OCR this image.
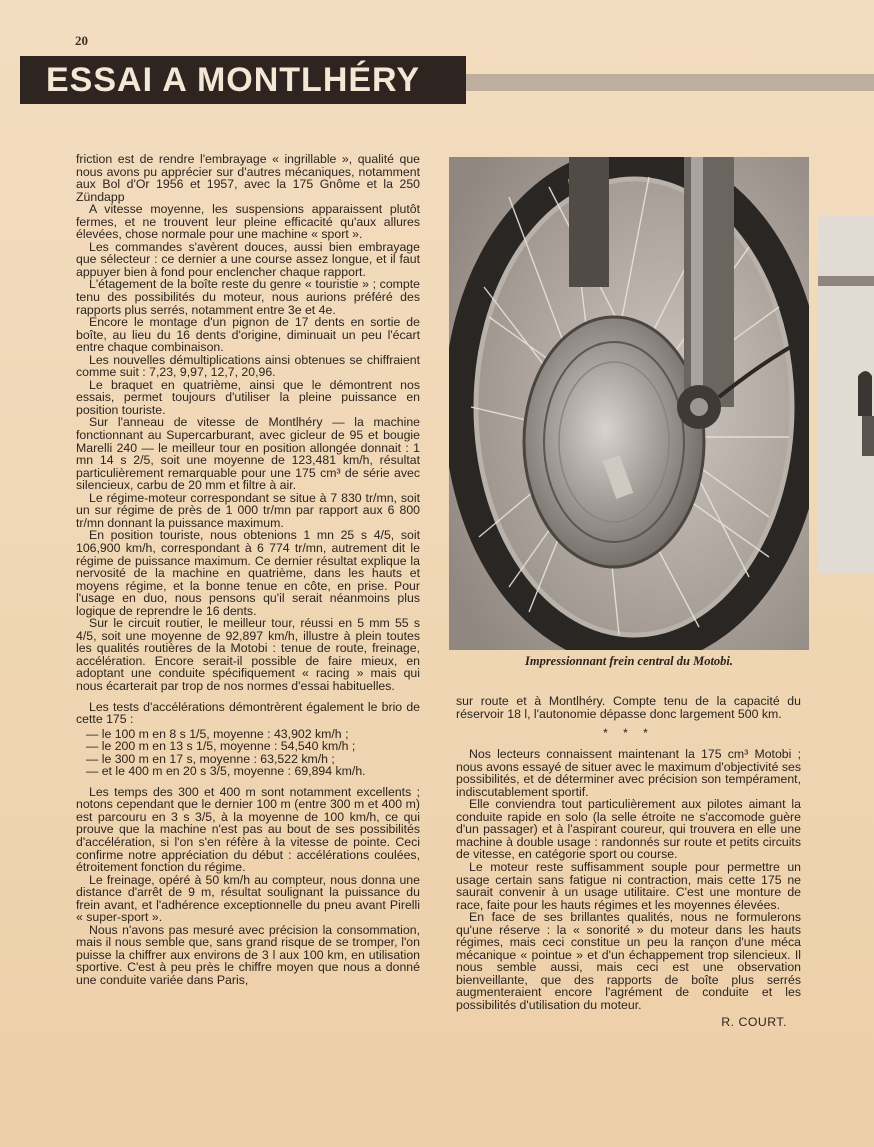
20
ESSAI A MONTLHÉRY

friction est de rendre l'embrayage « ingrillable », qualité que nous avons pu apprécier sur d'autres mécaniques, notamment aux Bol d'Or 1956 et 1957, avec la 175 Gnôme et la 250 Zündapp

A vitesse moyenne, les suspensions apparaissent plutôt fermes, et ne trouvent leur pleine efficacité qu'aux allures élevées, chose normale pour une machine « sport ».

Les commandes s'avèrent douces, aussi bien embrayage que sélecteur : ce dernier a une course assez longue, et il faut appuyer bien à fond pour enclencher chaque rapport.

L'étagement de la boîte reste du genre « touristie » ; compte tenu des possibilités du moteur, nous aurions préféré des rapports plus serrés, notamment entre 3e et 4e.

Encore le montage d'un pignon de 17 dents en sortie de boîte, au lieu du 16 dents d'origine, diminuait un peu l'écart entre chaque combinaison.

Les nouvelles démultiplications ainsi obtenues se chiffraient comme suit : 7,23, 9,97, 12,7, 20,96.

Le braquet en quatrième, ainsi que le démontrent nos essais, permet toujours d'utiliser la pleine puissance en position touriste.

Sur l'anneau de vitesse de Montlhéry — la machine fonctionnant au Supercarburant, avec gicleur de 95 et bougie Marelli 240 — le meilleur tour en position allongée donnait : 1 mn 14 s 2/5, soit une moyenne de 123,481 km/h, résultat particulièrement remarquable pour une 175 cm³ de série avec silencieux, carbu de 20 mm et filtre à air.

Le régime-moteur correspondant se situe à 7 830 tr/mn, soit un sur régime de près de 1 000 tr/mn par rapport aux 6 800 tr/mn donnant la puissance maximum.

En position touriste, nous obtenions 1 mn 25 s 4/5, soit 106,900 km/h, correspondant à 6 774 tr/mn, autrement dit le régime de puissance maximum. Ce dernier résultat explique la nervosité de la machine en quatrième, dans les hauts et moyens régime, et la bonne tenue en côte, en prise. Pour l'usage en duo, nous pensons qu'il serait néanmoins plus logique de reprendre le 16 dents.

Sur le circuit routier, le meilleur tour, réussi en 5 mm 55 s 4/5, soit une moyenne de 92,897 km/h, illustre à plein toutes les qualités routières de la Motobi : tenue de route, freinage, accélération. Encore serait-il possible de faire mieux, en adoptant une conduite spécifiquement « racing » mais qui nous écarterait par trop de nos normes d'essai habituelles.

Les tests d'accélérations démontrèrent également le brio de cette 175 :

— le 100 m en 8 s 1/5, moyenne : 43,902 km/h ;
— le 200 m en 13 s 1/5, moyenne : 54,540 km/h ;
— le 300 m en 17 s, moyenne : 63,522 km/h ;
— et le 400 m en 20 s 3/5, moyenne : 69,894 km/h.

Les temps des 300 et 400 m sont notamment excellents ; notons cependant que le dernier 100 m (entre 300 m et 400 m) est parcouru en 3 s 3/5, à la moyenne de 100 km/h, ce qui prouve que la machine n'est pas au bout de ses possibilités d'accélération, si l'on s'en réfère à la vitesse de pointe. Ceci confirme notre appréciation du début : accélérations coulées, étroitement fonction du régime.

Le freinage, opéré à 50 km/h au compteur, nous donna une distance d'arrêt de 9 m, résultat soulignant la puissance du frein avant, et l'adhérence exceptionnelle du pneu avant Pirelli « super-sport ».

Nous n'avons pas mesuré avec précision la consommation, mais il nous semble que, sans grand risque de se tromper, l'on puisse la chiffrer aux environs de 3 l aux 100 km, en utilisation sportive. C'est à peu près le chiffre moyen que nous a donné une conduite variée dans Paris,

Impressionnant frein central du Motobi.

sur route et à Montlhéry. Compte tenu de la capacité du réservoir 18 l, l'autonomie dépasse donc largement 500 km.

* * *

Nos lecteurs connaissent maintenant la 175 cm³ Motobi ; nous avons essayé de situer avec le maximum d'objectivité ses possibilités, et de déterminer avec précision son tempérament, indiscutablement sportif.

Elle conviendra tout particulièrement aux pilotes aimant la conduite rapide en solo (la selle étroite ne s'accomode guère d'un passager) et à l'aspirant coureur, qui trouvera en elle une machine à double usage : randonnés sur route et petits circuits de vitesse, en catégorie sport ou course.

Le moteur reste suffisamment souple pour permettre un usage certain sans fatigue ni contraction, mais cette 175 ne saurait convenir à un usage utilitaire. C'est une monture de race, faite pour les hauts régimes et les moyennes élevées.

En face de ses brillantes qualités, nous ne formulerons qu'une réserve : la « sonorité » du moteur dans les hauts régimes, mais ceci constitue un peu la rançon d'une méca mécanique « pointue » et d'un échappement trop silencieux. Il nous semble aussi, mais ceci est une observation bienveillante, que des rapports de boîte plus serrés augmenteraient encore l'agrément de conduite et les possibilités d'utilisation du moteur.

R. COURT.
